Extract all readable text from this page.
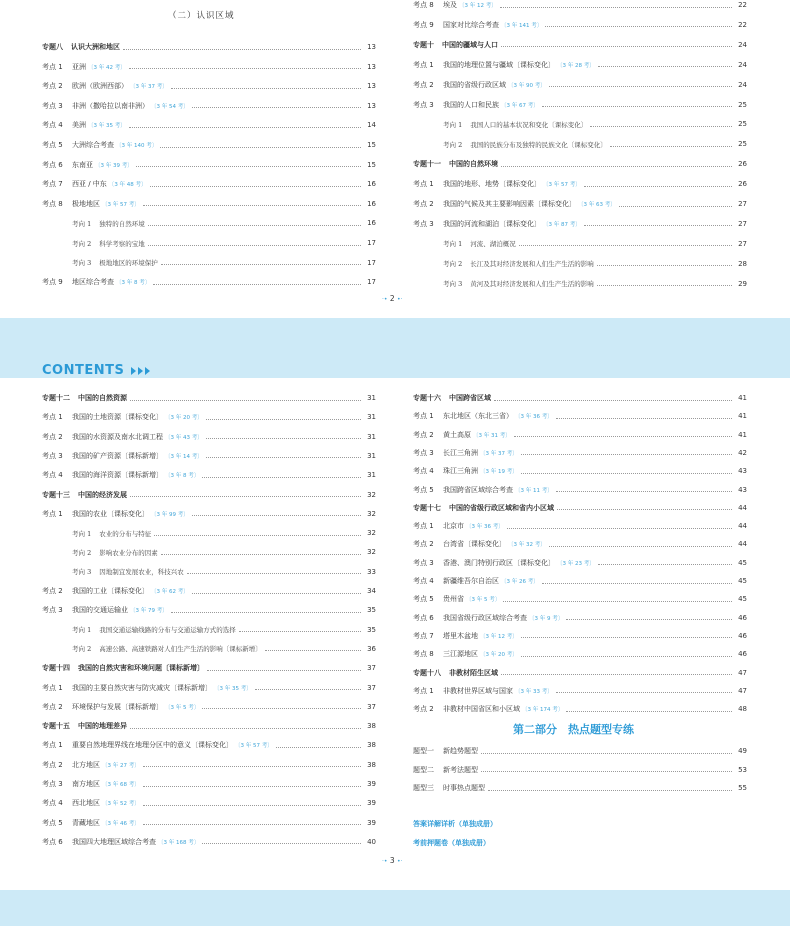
（二）认识区域
专题八 认识大洲和地区	13
考点 1	亚洲 〔3 年 42 考〕	13
考点 2	欧洲（欧洲西部） 〔3 年 37 考〕	13
考点 3	非洲（撒哈拉以南非洲） 〔3 年 54 考〕	13
考点 4	美洲 〔3 年 35 考〕	14
考点 5	大洲综合考查 〔3 年 140 考〕	15
考点 6	东南亚 〔3 年 39 考〕	15
考点 7	西亚 / 中东 〔3 年 48 考〕	16
考点 8	极地地区 〔3 年 57 考〕	16
考向 1 独特的自然环境	16
考向 2 科学考察的宝地	17
考向 3 极地地区的环境保护	17
考点 9	地区综合考查 〔3 年 8 考〕	17
考点 8	埃及 〔3 年 12 考〕	22
考点 9	国家对比综合考查 〔3 年 141 考〕	22
专题十 中国的疆域与人口	24
考点 1	我国的地理位置与疆域〔课标变化〕 〔3 年 28 考〕	24
考点 2	我国的省级行政区域 〔3 年 90 考〕	24
考点 3	我国的人口和民族 〔3 年 67 考〕	25
考向 1 我国人口的基本状况和变化〔课标变化〕	25
考向 2 我国的民族分布及独特的民族文化〔课标变化〕	25
专题十一 中国的自然环境	26
考点 1	我国的地形、地势〔课标变化〕 〔3 年 57 考〕	26
考点 2	我国的气候及其主要影响因素〔课标变化〕 〔3 年 63 考〕	27
考点 3	我国的河流和湖泊〔课标变化〕 〔3 年 87 考〕	27
考向 1 河流、湖泊概况	27
考向 2 长江及其对经济发展和人们生产生活的影响	28
考向 3 黄河及其对经济发展和人们生产生活的影响	29
·• 2 •·
CONTENTS
专题十二 中国的自然资源	31
考点 1	我国的土地资源〔课标变化〕 〔3 年 20 考〕	31
考点 2	我国的水资源及南水北调工程 〔3 年 43 考〕	31
考点 3	我国的矿产资源〔课标新增〕 〔3 年 14 考〕	31
考点 4	我国的海洋资源〔课标新增〕 〔3 年 8 考〕	31
专题十三 中国的经济发展	32
考点 1	我国的农业〔课标变化〕 〔3 年 99 考〕	32
考向 1 农业的分布与特征	32
考向 2 影响农业分布的因素	32
考向 3 因地制宜发展农业，科技兴农	33
考点 2	我国的工业〔课标变化〕 〔3 年 62 考〕	34
考点 3	我国的交通运输业 〔3 年 79 考〕	35
考向 1 我国交通运输线路的分布与交通运输方式的选择	35
考向 2 高速公路、高速铁路对人们生产生活的影响〔课标新增〕	36
专题十四 我国的自然灾害和环境问题〔课标新增〕	37
考点 1	我国的主要自然灾害与防灾减灾〔课标新增〕 〔3 年 35 考〕	37
考点 2	环境保护与发展〔课标新增〕 〔3 年 5 考〕	37
专题十五 中国的地理差异	38
考点 1	重要自然地理界线在地理分区中的意义〔课标变化〕 〔3 年 57 考〕	38
考点 2	北方地区 〔3 年 27 考〕	38
考点 3	南方地区 〔3 年 68 考〕	39
考点 4	西北地区 〔3 年 52 考〕	39
考点 5	青藏地区 〔3 年 46 考〕	39
考点 6	我国四大地理区域综合考查 〔3 年 168 考〕	40
专题十六 中国跨省区域	41
考点 1	东北地区（东北三省） 〔3 年 36 考〕	41
考点 2	黄土高原 〔3 年 31 考〕	41
考点 3	长江三角洲 〔3 年 37 考〕	42
考点 4	珠江三角洲 〔3 年 19 考〕	43
考点 5	我国跨省区域综合考查 〔3 年 11 考〕	43
专题十七 中国的省级行政区域和省内小区域	44
考点 1	北京市 〔3 年 36 考〕	44
考点 2	台湾省〔课标变化〕 〔3 年 32 考〕	44
考点 3	香港、澳门特别行政区〔课标变化〕 〔3 年 23 考〕	45
考点 4	新疆维吾尔自治区 〔3 年 26 考〕	45
考点 5	贵州省 〔3 年 5 考〕	45
考点 6	我国省级行政区域综合考查 〔3 年 9 考〕	46
考点 7	塔里木盆地 〔3 年 12 考〕	46
考点 8	三江源地区 〔3 年 20 考〕	46
专题十八 非教材陌生区域	47
考点 1	非教材世界区域与国家 〔3 年 33 考〕	47
考点 2	非教材中国省区和小区域 〔3 年 174 考〕	48
题型一	新趋势题型	49
题型二	新考法题型	53
题型三	时事热点题型	55
答案详解详析（单独成册）
考前押题卷（单独成册）
·• 3 •·
第二部分　热点题型专练
